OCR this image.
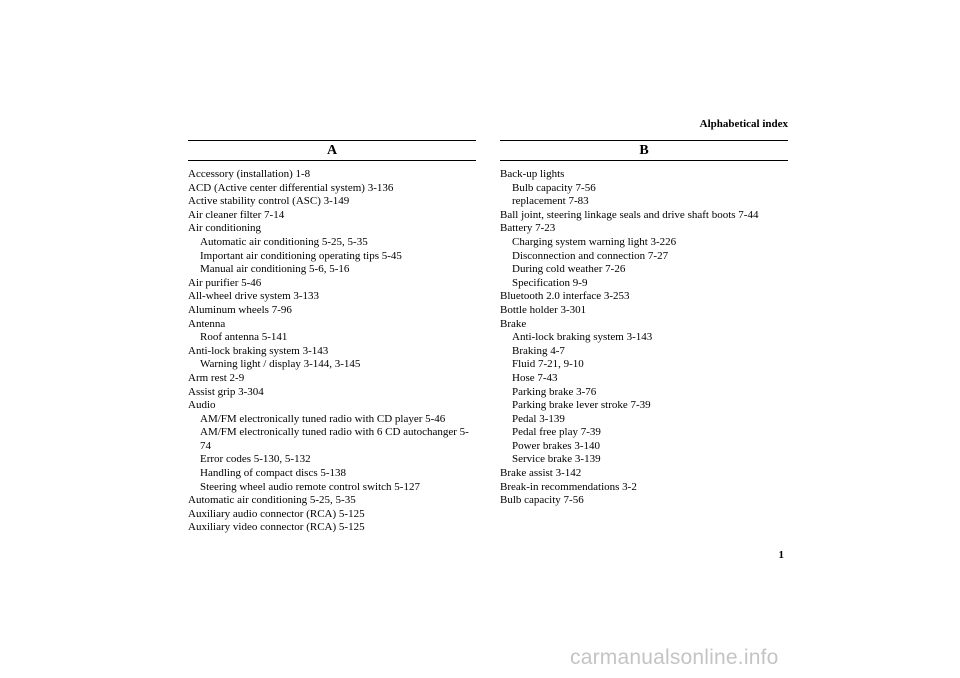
Alphabetical index
A
Accessory (installation) 1-8
ACD (Active center differential system) 3-136
Active stability control (ASC) 3-149
Air cleaner filter 7-14
Air conditioning
Automatic air conditioning 5-25, 5-35
Important air conditioning operating tips 5-45
Manual air conditioning 5-6, 5-16
Air purifier 5-46
All-wheel drive system 3-133
Aluminum wheels 7-96
Antenna
Roof antenna 5-141
Anti-lock braking system 3-143
Warning light / display 3-144, 3-145
Arm rest 2-9
Assist grip 3-304
Audio
AM/FM electronically tuned radio with CD player 5-46
AM/FM electronically tuned radio with 6 CD autochanger 5-74
Error codes 5-130, 5-132
Handling of compact discs 5-138
Steering wheel audio remote control switch 5-127
Automatic air conditioning 5-25, 5-35
Auxiliary audio connector (RCA) 5-125
Auxiliary video connector (RCA) 5-125
B
Back-up lights
Bulb capacity 7-56
replacement 7-83
Ball joint, steering linkage seals and drive shaft boots 7-44
Battery 7-23
Charging system warning light 3-226
Disconnection and connection 7-27
During cold weather 7-26
Specification 9-9
Bluetooth 2.0 interface 3-253
Bottle holder 3-301
Brake
Anti-lock braking system 3-143
Braking 4-7
Fluid 7-21, 9-10
Hose 7-43
Parking brake 3-76
Parking brake lever stroke 7-39
Pedal 3-139
Pedal free play 7-39
Power brakes 3-140
Service brake 3-139
Brake assist 3-142
Break-in recommendations 3-2
Bulb capacity 7-56
1
carmanualsonline.info
